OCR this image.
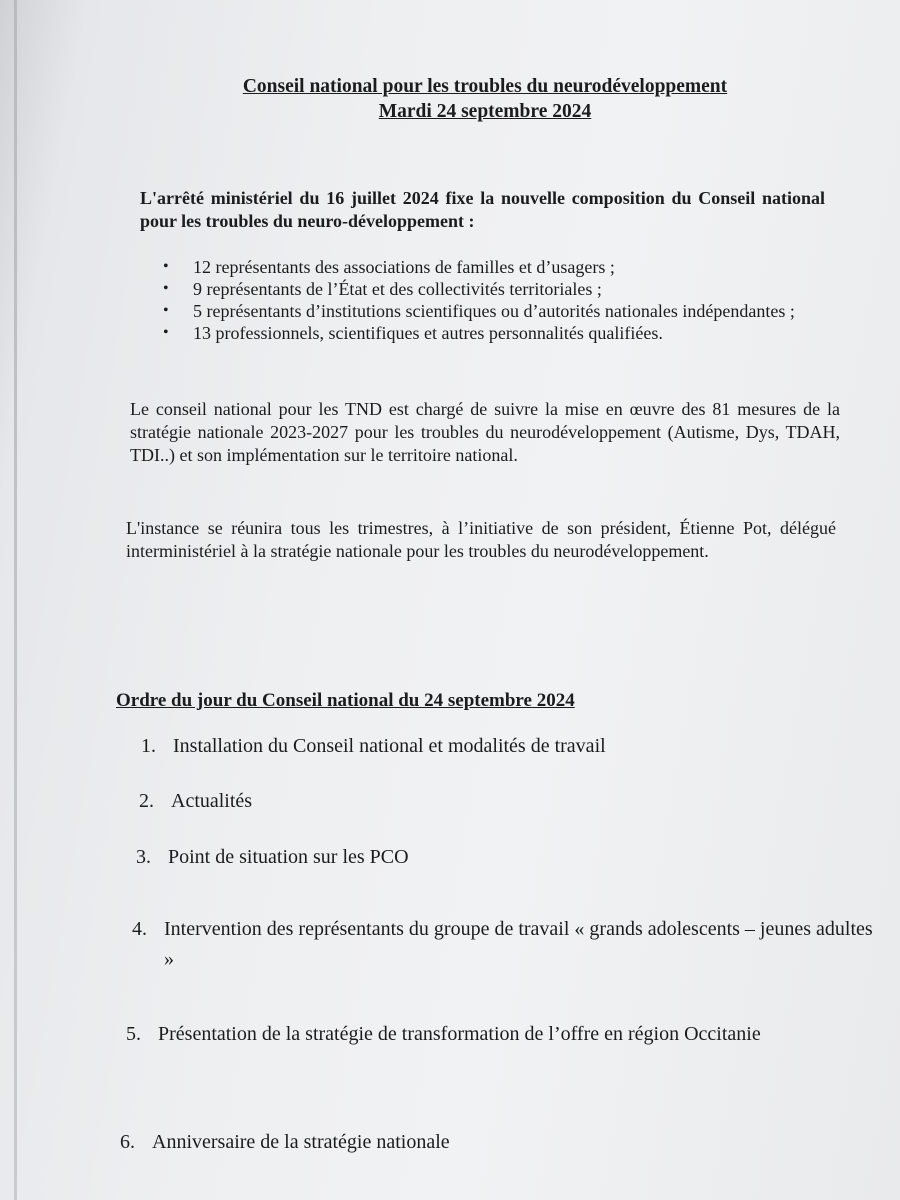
Conseil national pour les troubles du neurodéveloppement
Mardi 24 septembre 2024
L'arrêté ministériel du 16 juillet 2024 fixe la nouvelle composition du Conseil national pour les troubles du neuro-développement :
• 12 représentants des associations de familles et d’usagers ;
• 9 représentants de l’État et des collectivités territoriales ;
• 5 représentants d’institutions scientifiques ou d’autorités nationales indépendantes ;
• 13 professionnels, scientifiques et autres personnalités qualifiées.
Le conseil national pour les TND est chargé de suivre la mise en œuvre des 81 mesures de la stratégie nationale 2023-2027 pour les troubles du neurodéveloppement (Autisme, Dys, TDAH, TDI..) et son implémentation sur le territoire national.
L'instance se réunira tous les trimestres, à l’initiative de son président, Étienne Pot, délégué interministériel à la stratégie nationale pour les troubles du neurodéveloppement.
Ordre du jour du Conseil national du 24 septembre 2024
1. Installation du Conseil national et modalités de travail
2. Actualités
3. Point de situation sur les PCO
4. Intervention des représentants du groupe de travail « grands adolescents – jeunes adultes »
5. Présentation de la stratégie de transformation de l’offre en région Occitanie
6. Anniversaire de la stratégie nationale
